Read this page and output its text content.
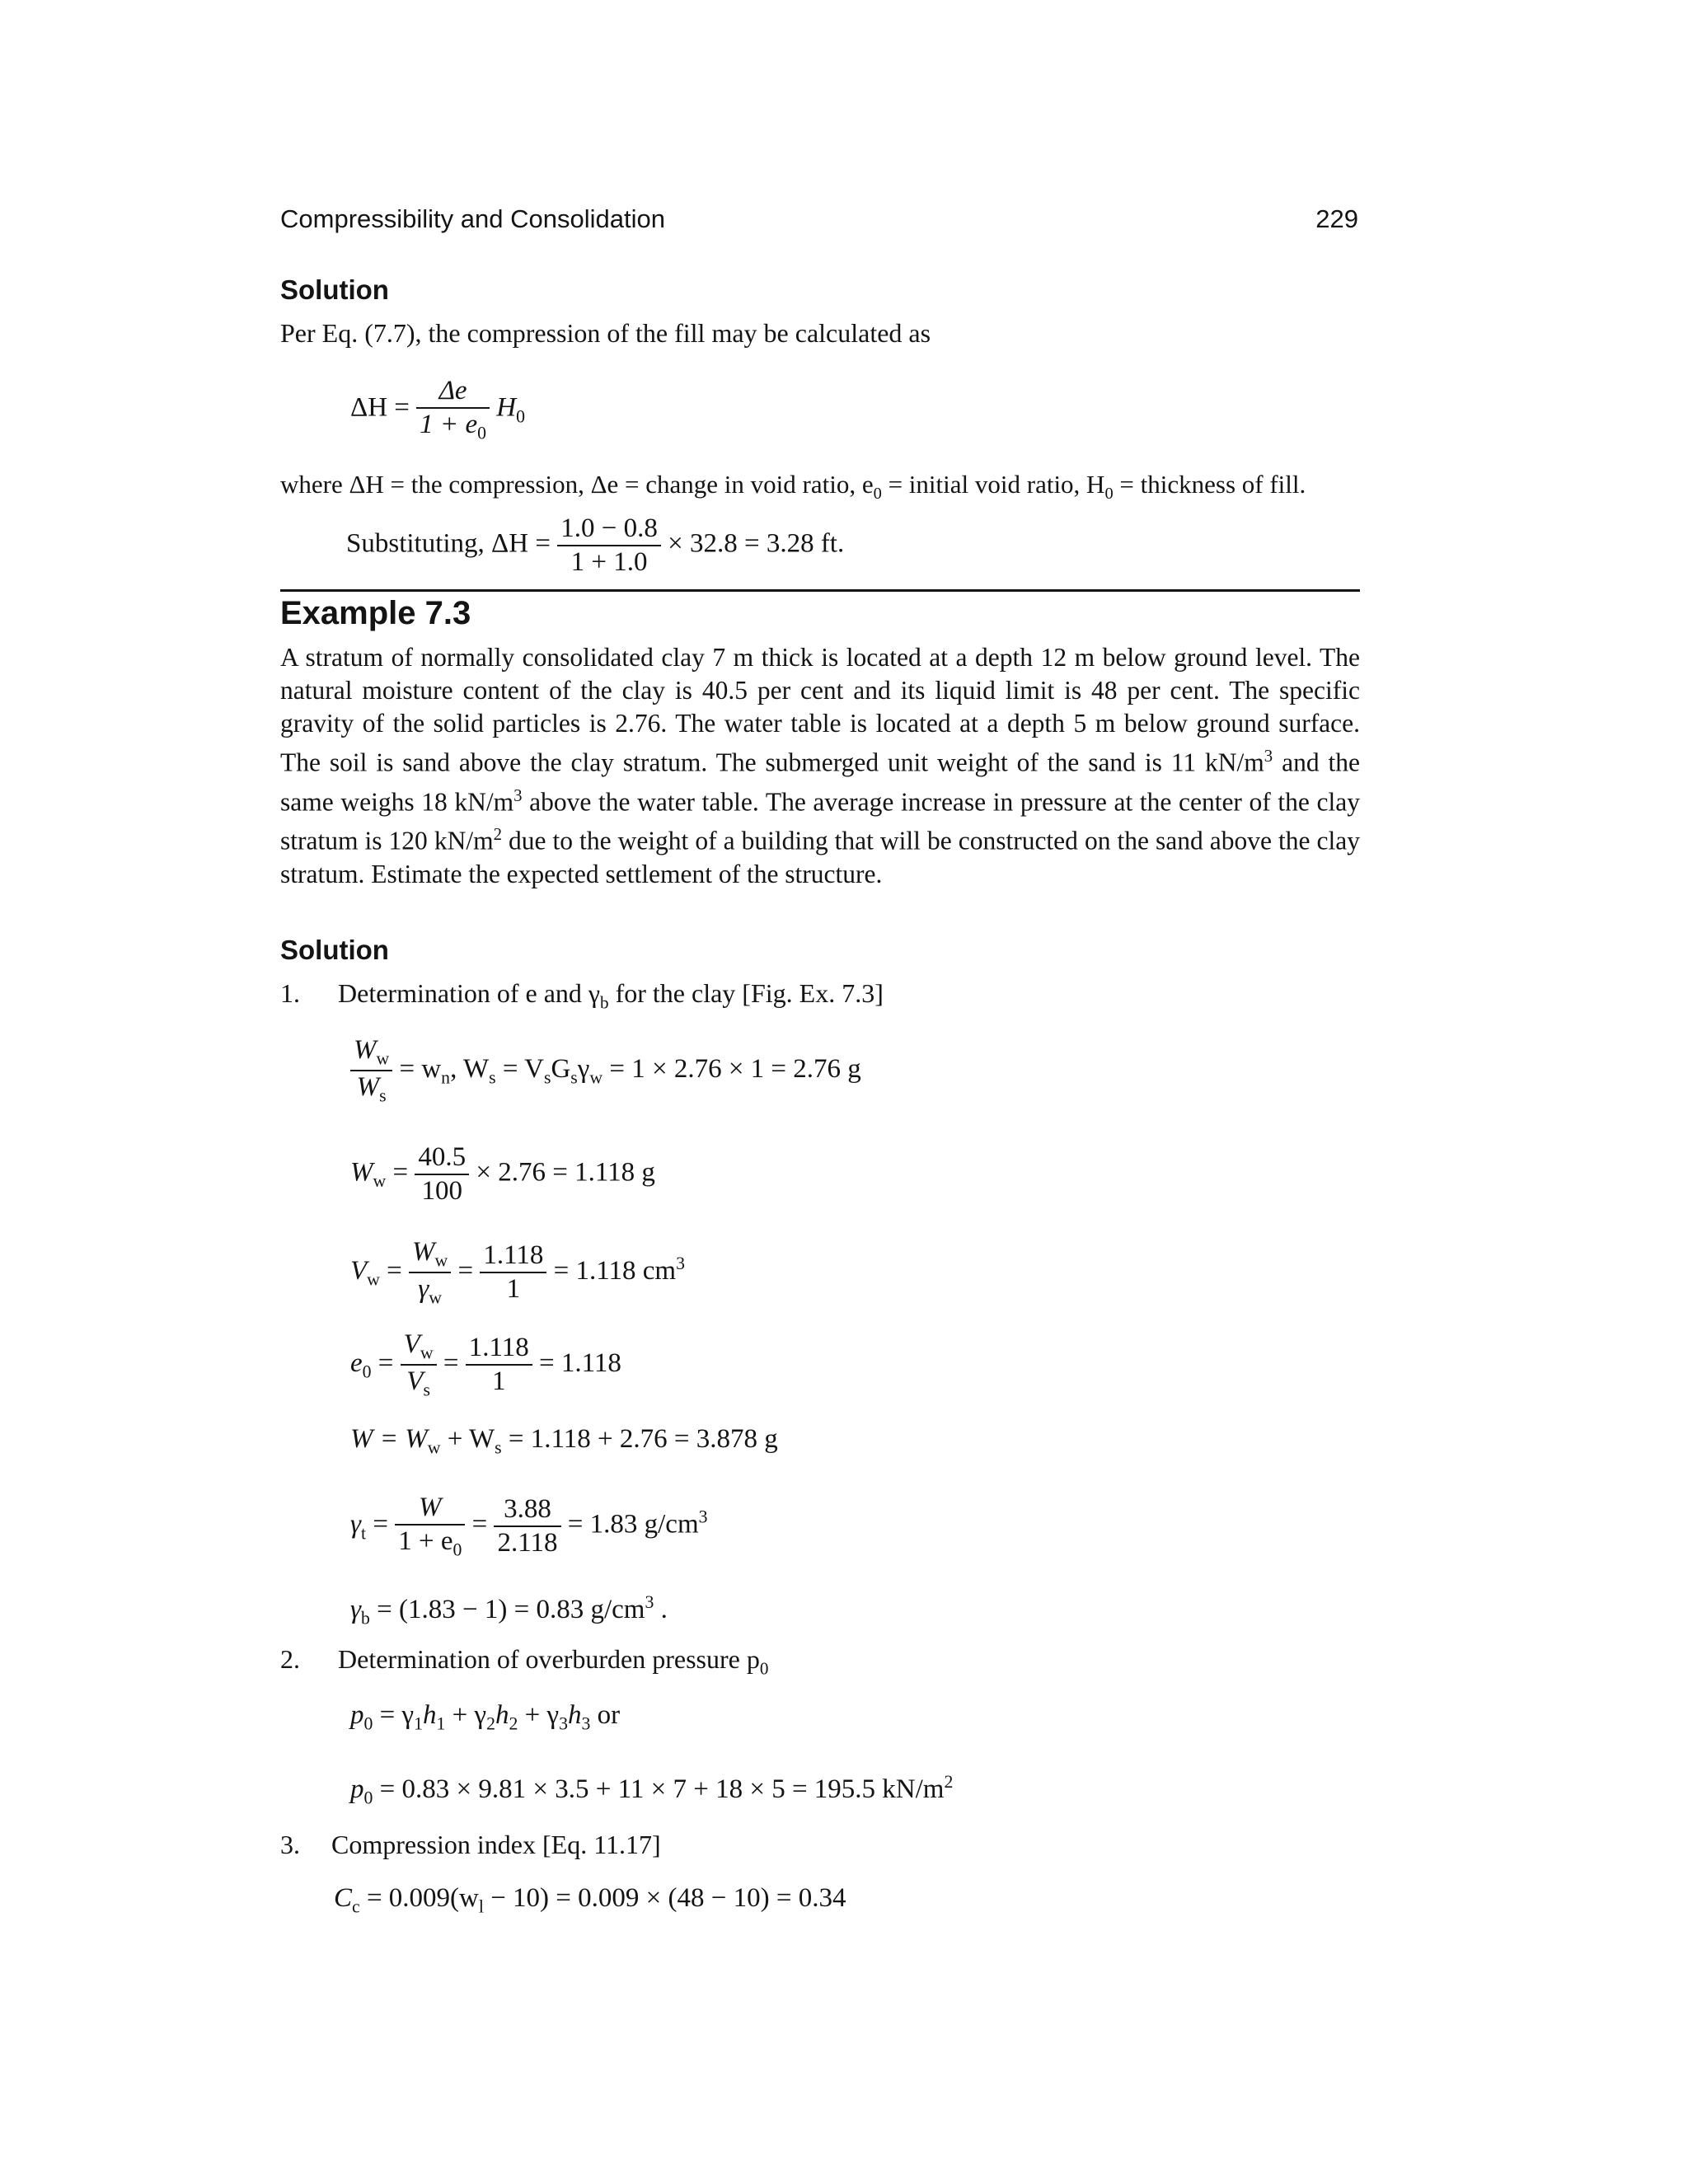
Compressibility and Consolidation	229
Solution
Per Eq. (7.7), the compression of the fill may be calculated as
$\Delta H = \frac{\Delta e}{1 + e_0} H_0$
where ΔH = the compression, Δe = change in void ratio, $e_0$ = initial void ratio, $H_0$ = thickness of fill.
Substituting, $\Delta H = \frac{1.0 - 0.8}{1 + 1.0} \times 32.8 = 3.28$ ft.
Example 7.3
A stratum of normally consolidated clay 7 m thick is located at a depth 12 m below ground level. The natural moisture content of the clay is 40.5 per cent and its liquid limit is 48 per cent. The specific gravity of the solid particles is 2.76. The water table is located at a depth 5 m below ground surface. The soil is sand above the clay stratum. The submerged unit weight of the sand is 11 $kN/m^3$ and the same weighs 18 $kN/m^3$ above the water table. The average increase in pressure at the center of the clay stratum is 120 $kN/m^2$ due to the weight of a building that will be constructed on the sand above the clay stratum. Estimate the expected settlement of the structure.
Solution
1. Determination of e and $\gamma_b$ for the clay [Fig. Ex. 7.3]
$\frac{W_w}{W_s} = w_n$, $W_s = V_sG_s\gamma_w = 1 \times 2.76 \times 1 = 2.76$ g
$W_w = \frac{40.5}{100} \times 2.76 = 1.118$ g
$V_w = \frac{W_w}{\gamma_w} = \frac{1.118}{1} = 1.118$ $cm^3$
$e_0 = \frac{V_w}{V_s} = \frac{1.118}{1} = 1.118$
$W = W_w + W_s = 1.118 + 2.76 = 3.878$ g
$\gamma_t = \frac{W}{1 + e_0} = \frac{3.88}{2.118} = 1.83$ $g/cm^3$
$\gamma_b = (1.83 - 1) = 0.83$ $g/cm^3$ .
2. Determination of overburden pressure $p_0$
$p_0 = \gamma_1h_1 + \gamma_2h_2 + \gamma_3h_3$ or
$p_0 = 0.83 \times 9.81 \times 3.5 + 11 \times 7 + 18 \times 5 = 195.5$ $kN/m^2$
3. Compression index [Eq. 11.17]
$C_c = 0.009(w_l - 10) = 0.009 \times (48 - 10) = 0.34$
